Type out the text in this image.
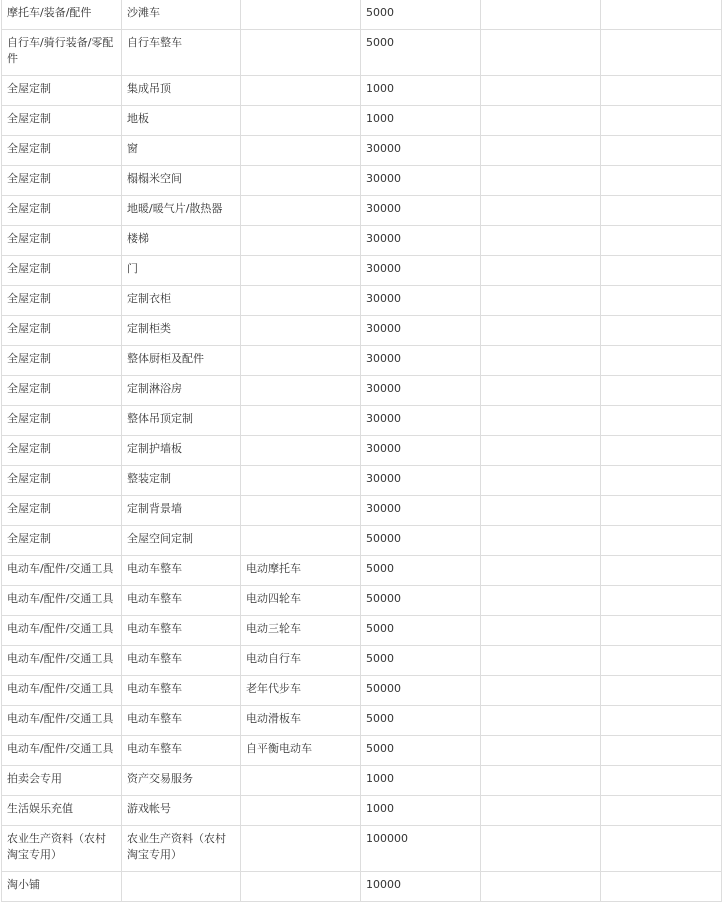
摩托车/装备/配件	沙滩车		5000		
自行车/骑行装备/零配件	自行车整车		5000		
全屋定制	集成吊顶		1000		
全屋定制	地板		1000		
全屋定制	窗		30000		
全屋定制	榻榻米空间		30000		
全屋定制	地暖/暖气片/散热器		30000		
全屋定制	楼梯		30000		
全屋定制	门		30000		
全屋定制	定制衣柜		30000		
全屋定制	定制柜类		30000		
全屋定制	整体厨柜及配件		30000		
全屋定制	定制淋浴房		30000		
全屋定制	整体吊顶定制		30000		
全屋定制	定制护墙板		30000		
全屋定制	整装定制		30000		
全屋定制	定制背景墙		30000		
全屋定制	全屋空间定制		50000		
电动车/配件/交通工具	电动车整车	电动摩托车	5000		
电动车/配件/交通工具	电动车整车	电动四轮车	50000		
电动车/配件/交通工具	电动车整车	电动三轮车	5000		
电动车/配件/交通工具	电动车整车	电动自行车	5000		
电动车/配件/交通工具	电动车整车	老年代步车	50000		
电动车/配件/交通工具	电动车整车	电动滑板车	5000		
电动车/配件/交通工具	电动车整车	自平衡电动车	5000		
拍卖会专用	资产交易服务		1000		
生活娱乐充值	游戏帐号		1000		
农业生产资料（农村淘宝专用）	农业生产资料（农村淘宝专用）		100000		
淘小铺			10000		
